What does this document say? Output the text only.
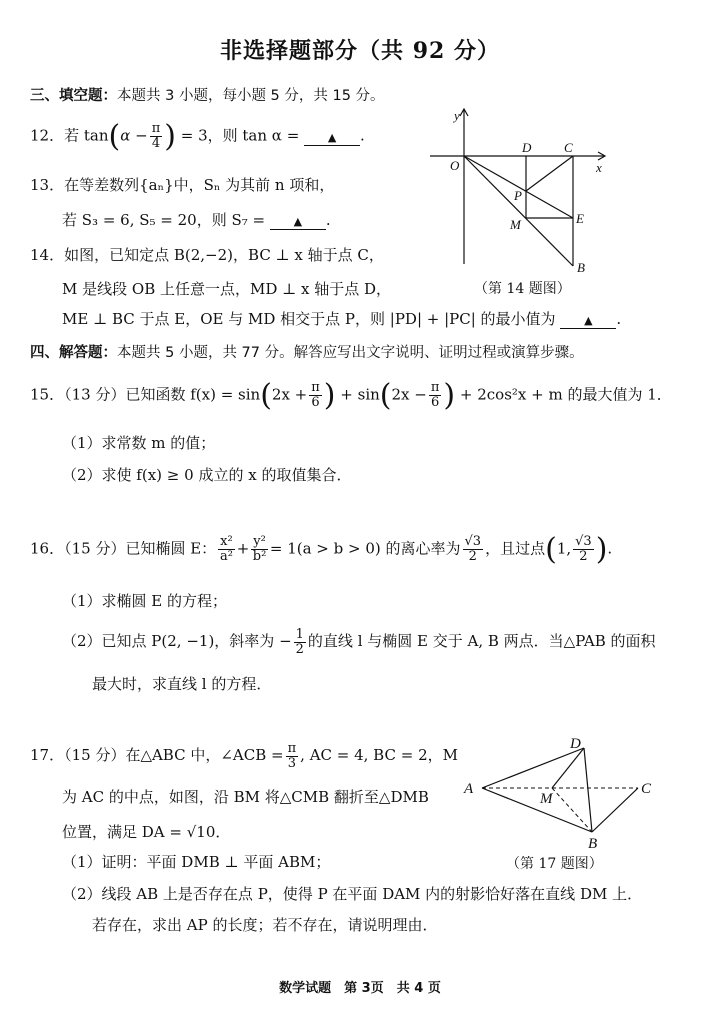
非选择题部分（共 92 分）
三、填空题：本题共 3 小题，每小题 5 分，共 15 分。
12．若 $\tan(\alpha - \frac{\pi}{4}$ ) = 3，则 tan α =	▲ .
13．在等差数列{aₙ}中，Sₙ 为其前 n 项和，
若 S₃ = 6, S₅ = 20，则 S₇ =	▲ .
14．如图，已知定点 B(2,−2)，BC ⊥ x 轴于点 C，
M 是线段 OB 上任意一点，MD ⊥ x 轴于点 D，
ME ⊥ BC 于点 E，OE 与 MD 相交于点 P，则 |PD| + |PC| 的最小值为	▲ .
y
x
O
D	C
P
M	E
B
（第 14 题图）
四、解答题：本题共 5 小题，共 77 分。解答应写出文字说明、证明过程或演算步骤。
15．（13 分）已知函数 $f(x) = \sin(2x + \frac{\pi}{6}$ ) + $\sin(2x - \frac{\pi}{6}$ ) + 2cos²x + m 的最大值为 1．
（1）求常数 m 的值；
（2）求使 f(x) ≥ 0 成立的 x 的取值集合．
16．（15 分）已知椭圆 E： $\frac{\text{x²}}{\text{a²}} + \frac{\text{y²}}{\text{b²}} = 1(a > b > 0)$ 的离心率为 $\frac{√3}{2}$ ，且过点(1, $\frac{√3}{2}$ ).
（1）求椭圆 E 的方程；
（2）已知点 P(2, −1)，斜率为 − $\frac{1}{2}$ 的直线 l 与椭圆 E 交于 A, B 两点．当△PAB 的面积
最大时，求直线 l 的方程．
17．（15 分）在△ABC 中，∠ACB = $\frac{\pi}{3}$ , AC = 4, BC = 2，M
为 AC 的中点，如图，沿 BM 将△CMB 翻折至△DMB
位置，满足 DA = √10．
（1）证明：平面 DMB ⊥ 平面 ABM；
（2）线段 AB 上是否存在点 P，使得 P 在平面 DAM 内的射影恰好落在直线 DM 上．
若存在，求出 AP 的长度；若不存在，请说明理由．
A
D
M
C
B
（第 17 题图）
数学试题　第 3页　共 4 页
